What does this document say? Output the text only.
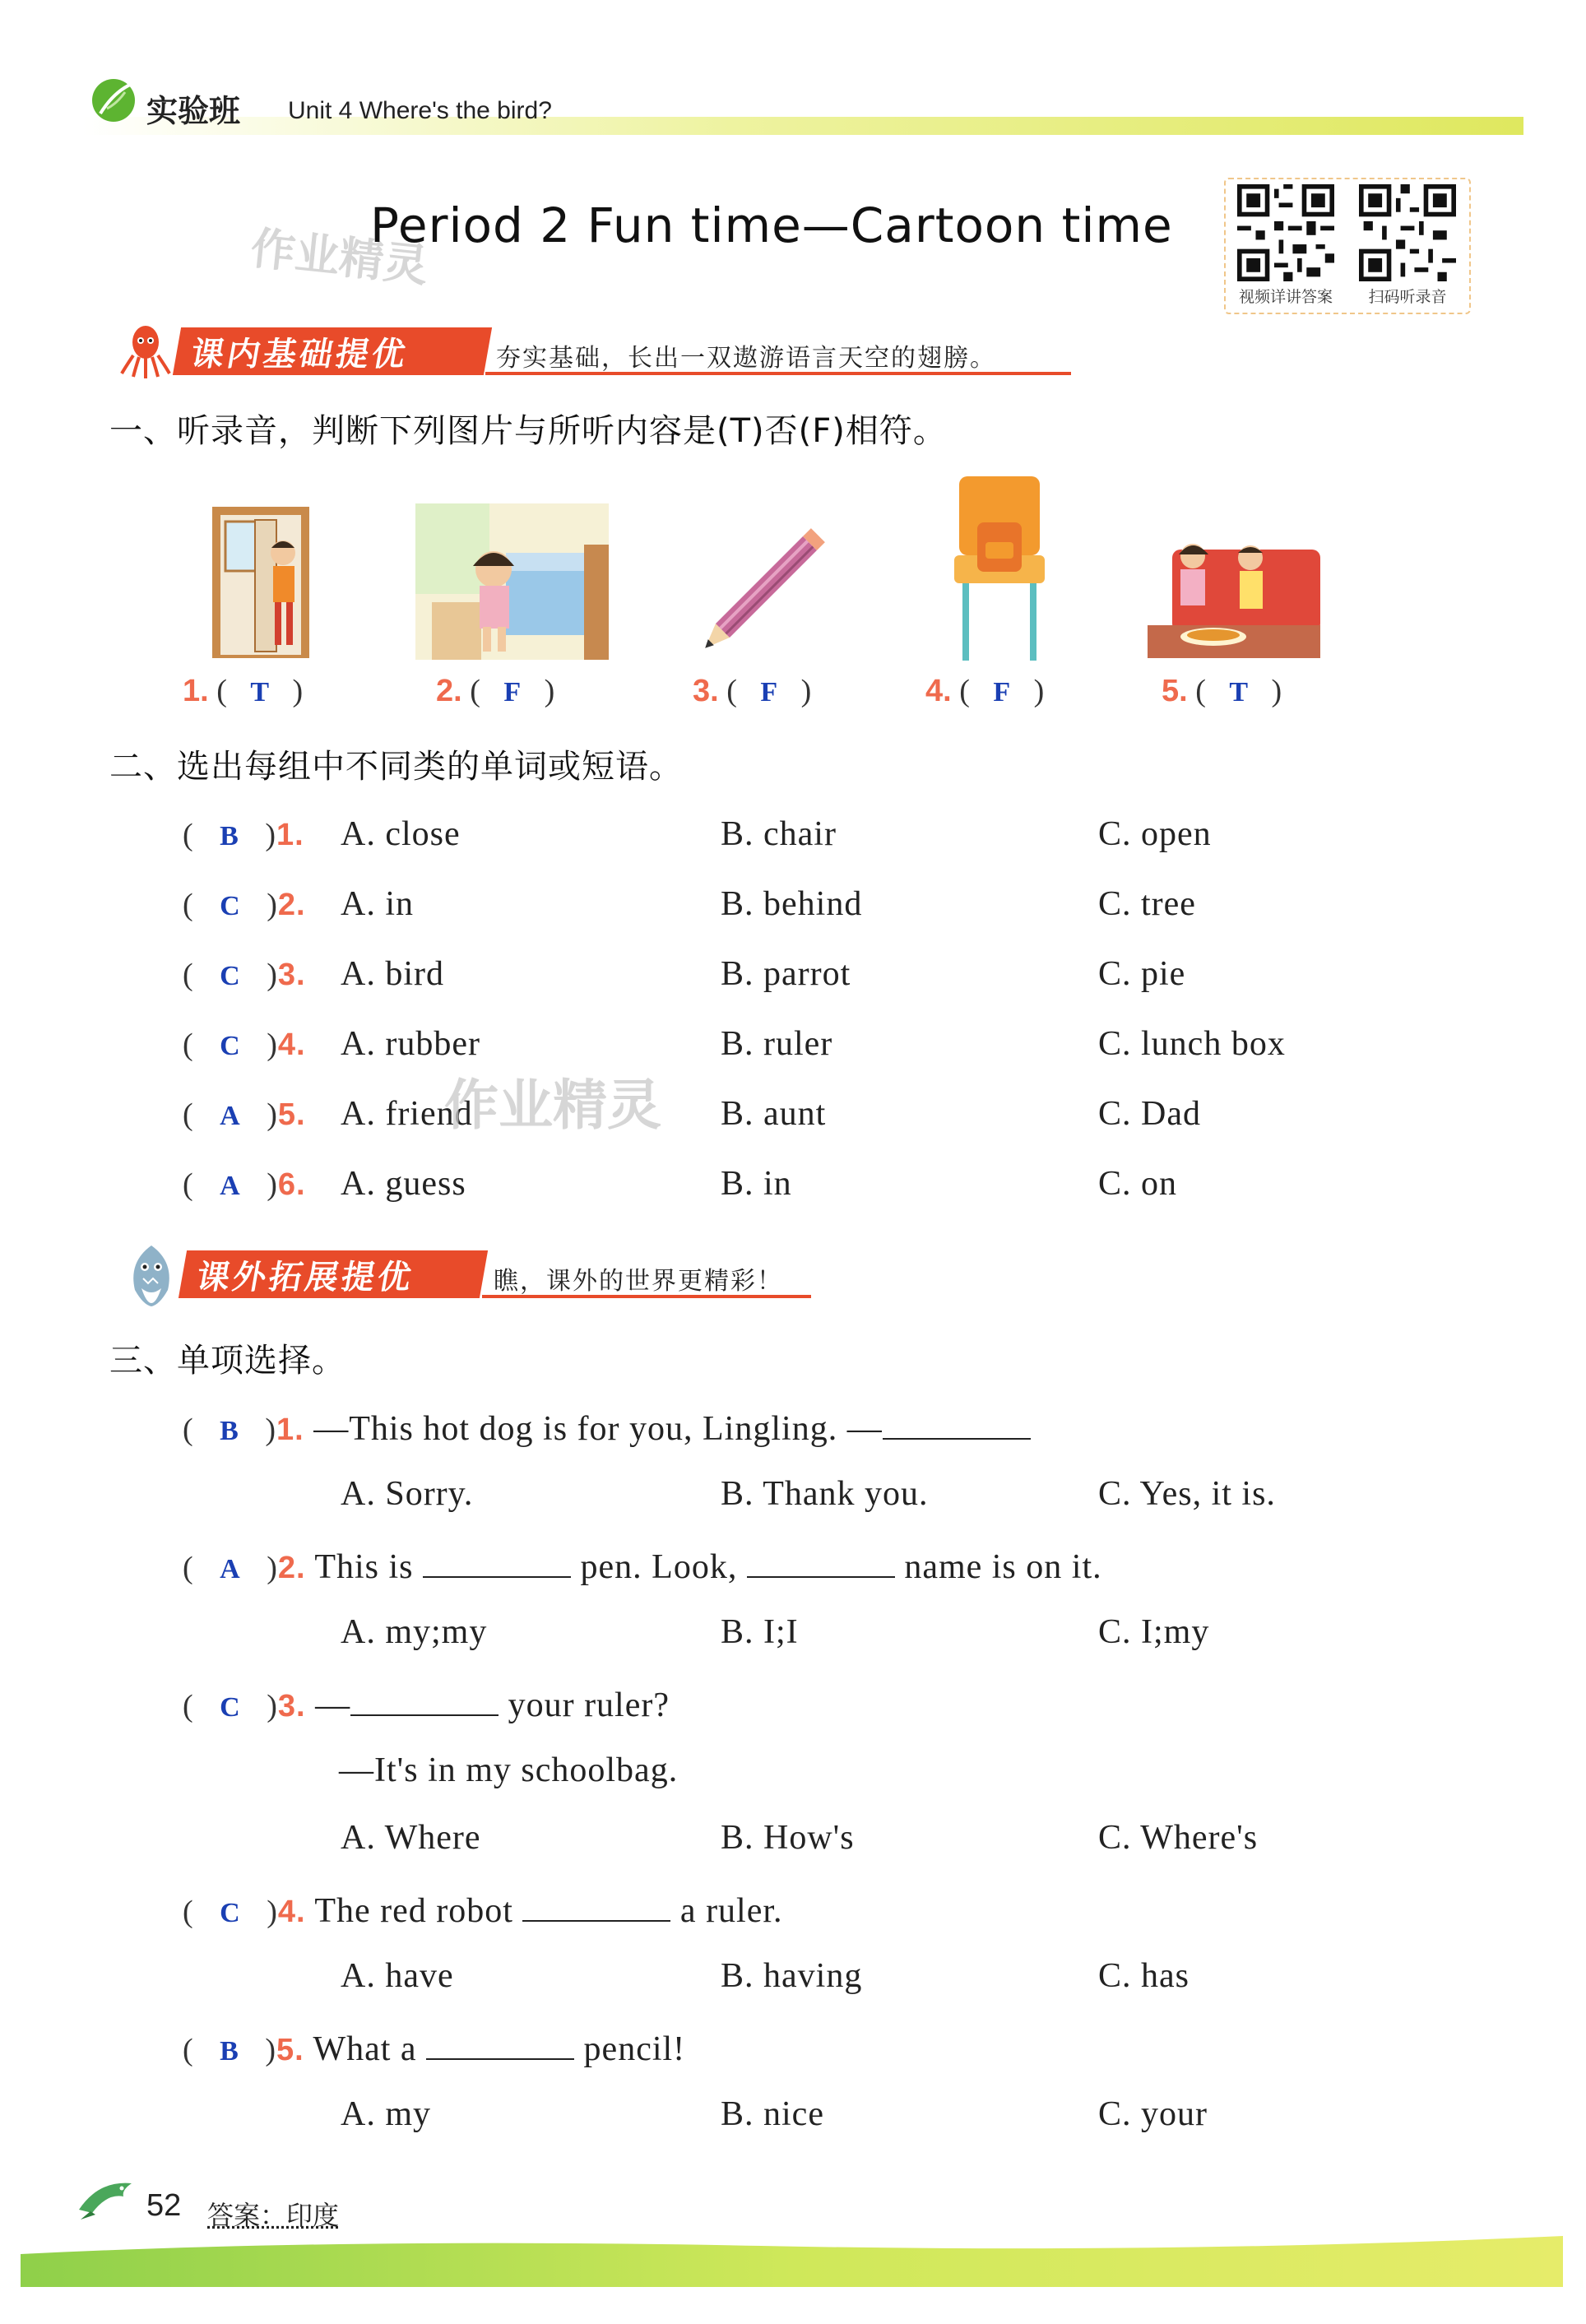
实验班 Unit 4 Where's the bird?
作业精灵
Period 2 Fun time—Cartoon time
视频详讲答案	扫码听录音
课内基础提优	夯实基础，长出一双遨游语言天空的翅膀。
一、听录音，判断下列图片与所听内容是(T)否(F)相符。
1. (   T   )	2. (   F   )	3. (   F   )	4. (   F   )	5. (   T   )
二、选出每组中不同类的单词或短语。
(   B   )1. A. close	B. chair	C. open
(   C   )2. A. in	B. behind	C. tree
(   C   )3. A. bird	B. parrot	C. pie
(   C   )4. A. rubber	B. ruler	C. lunch box
(   A   )5. A. friend	B. aunt	C. Dad
(   A   )6. A. guess	B. in	C. on
作业精灵
课外拓展提优	瞧，课外的世界更精彩！
三、单项选择。
(   B   )1. —This hot dog is for you, Lingling. —
A. Sorry.	B. Thank you.	C. Yes, it is.
(   A   )2. This is	pen. Look,	name is on it.
A. my;my	B. I;I	C. I;my
(   C   )3. —	your ruler?
—It's in my schoolbag.
A. Where	B. How's	C. Where's
(   C   )4. The red robot	a ruler.
A. have	B. having	C. has
(   B   )5. What a	pencil!
A. my	B. nice	C. your
52 答案：印度
